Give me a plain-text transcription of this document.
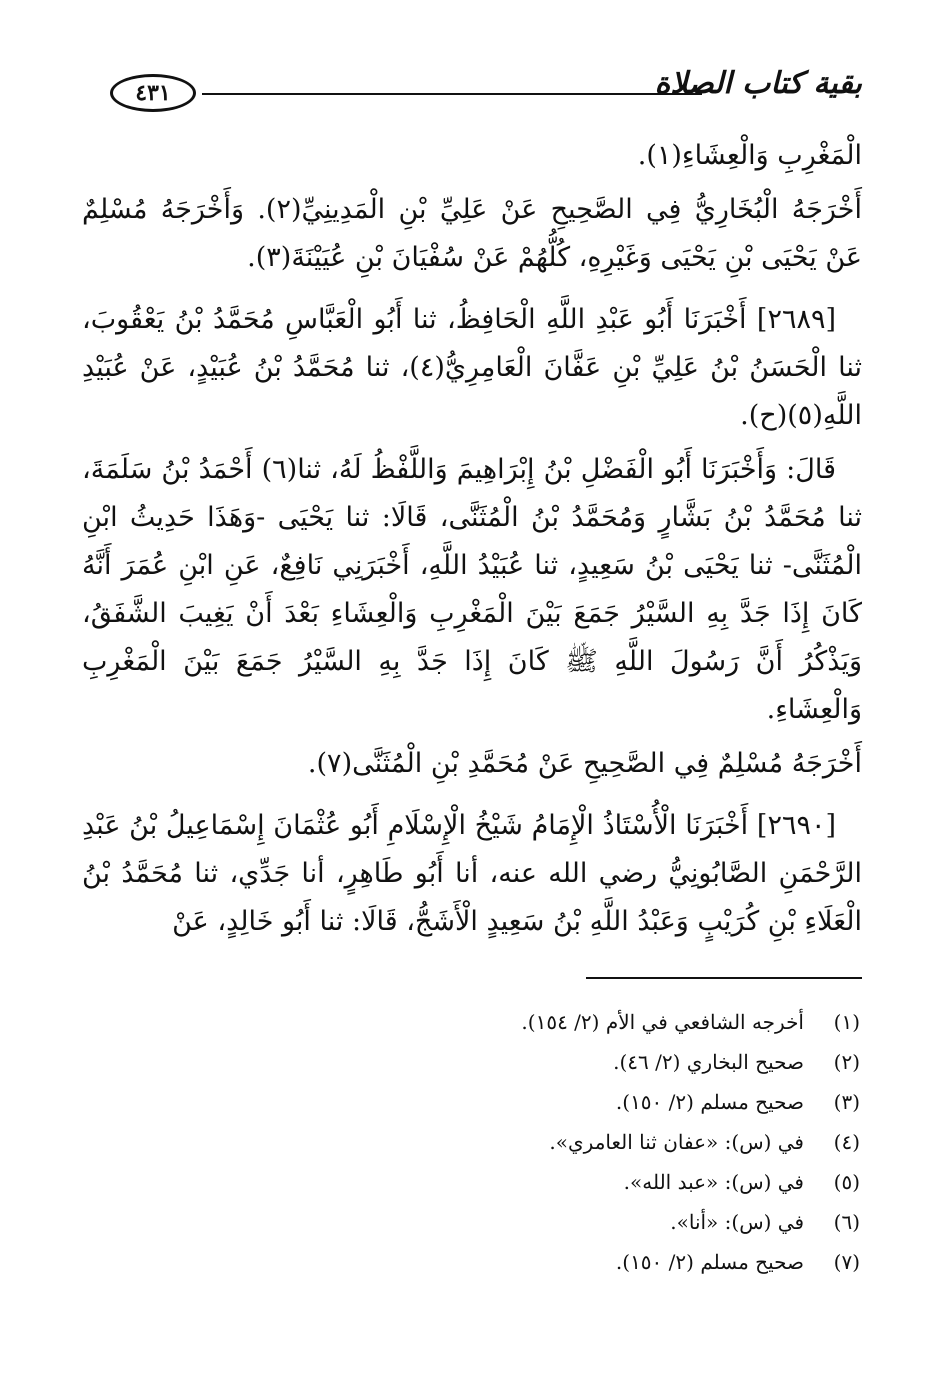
٤٣١	بقية كتاب الصلاة

الْمَغْرِبِ وَالْعِشَاءِ(١).

أَخْرَجَهُ الْبُخَارِيُّ فِي الصَّحِيحِ عَنْ عَلِيِّ بْنِ الْمَدِينِيِّ(٢). وَأَخْرَجَهُ مُسْلِمٌ عَنْ يَحْيَى بْنِ يَحْيَى وَغَيْرِهِ، كُلُّهُمْ عَنْ سُفْيَانَ بْنِ عُيَيْنَةَ(٣).

[٢٦٨٩] أَخْبَرَنَا أَبُو عَبْدِ اللَّهِ الْحَافِظُ، ثنا أَبُو الْعَبَّاسِ مُحَمَّدُ بْنُ يَعْقُوبَ، ثنا الْحَسَنُ بْنُ عَلِيِّ بْنِ عَفَّانَ الْعَامِرِيُّ(٤)، ثنا مُحَمَّدُ بْنُ عُبَيْدٍ، عَنْ عُبَيْدِ اللَّهِ(٥)(ح).

قَالَ: وَأَخْبَرَنَا أَبُو الْفَضْلِ بْنُ إِبْرَاهِيمَ وَاللَّفْظُ لَهُ، ثنا(٦) أَحْمَدُ بْنُ سَلَمَةَ، ثنا مُحَمَّدُ بْنُ بَشَّارٍ وَمُحَمَّدُ بْنُ الْمُثَنَّى، قَالَا: ثنا يَحْيَى -وَهَذَا حَدِيثُ ابْنِ الْمُثَنَّى- ثنا يَحْيَى بْنُ سَعِيدٍ، ثنا عُبَيْدُ اللَّهِ، أَخْبَرَنِي نَافِعٌ، عَنِ ابْنِ عُمَرَ أَنَّهُ كَانَ إِذَا جَدَّ بِهِ السَّيْرُ جَمَعَ بَيْنَ الْمَغْرِبِ وَالْعِشَاءِ بَعْدَ أَنْ يَغِيبَ الشَّفَقُ، وَيَذْكُرُ أَنَّ رَسُولَ اللَّهِ ﷺ كَانَ إِذَا جَدَّ بِهِ السَّيْرُ جَمَعَ بَيْنَ الْمَغْرِبِ وَالْعِشَاءِ.

أَخْرَجَهُ مُسْلِمٌ فِي الصَّحِيحِ عَنْ مُحَمَّدِ بْنِ الْمُثَنَّى(٧).

[٢٦٩٠] أَخْبَرَنَا الْأُسْتَاذُ الْإِمَامُ شَيْخُ الْإِسْلَامِ أَبُو عُثْمَانَ إِسْمَاعِيلُ بْنُ عَبْدِ الرَّحْمَنِ الصَّابُونِيُّ رضي الله عنه، أنا أَبُو طَاهِرٍ، أنا جَدِّي، ثنا مُحَمَّدُ بْنُ الْعَلَاءِ بْنِ كُرَيْبٍ وَعَبْدُ اللَّهِ بْنُ سَعِيدٍ الْأَشَجُّ، قَالَا: ثنا أَبُو خَالِدٍ، عَنْ

(١)
أخرجه الشافعي في الأم (٢/ ١٥٤).
(٢)
صحيح البخاري (٢/ ٤٦).
(٣)
صحيح مسلم (٢/ ١٥٠).
(٤)
في (س): «عفان ثنا العامري».
(٥)
في (س): «عبد الله».
(٦)
في (س): «أنا».
(٧)
صحيح مسلم (٢/ ١٥٠).
